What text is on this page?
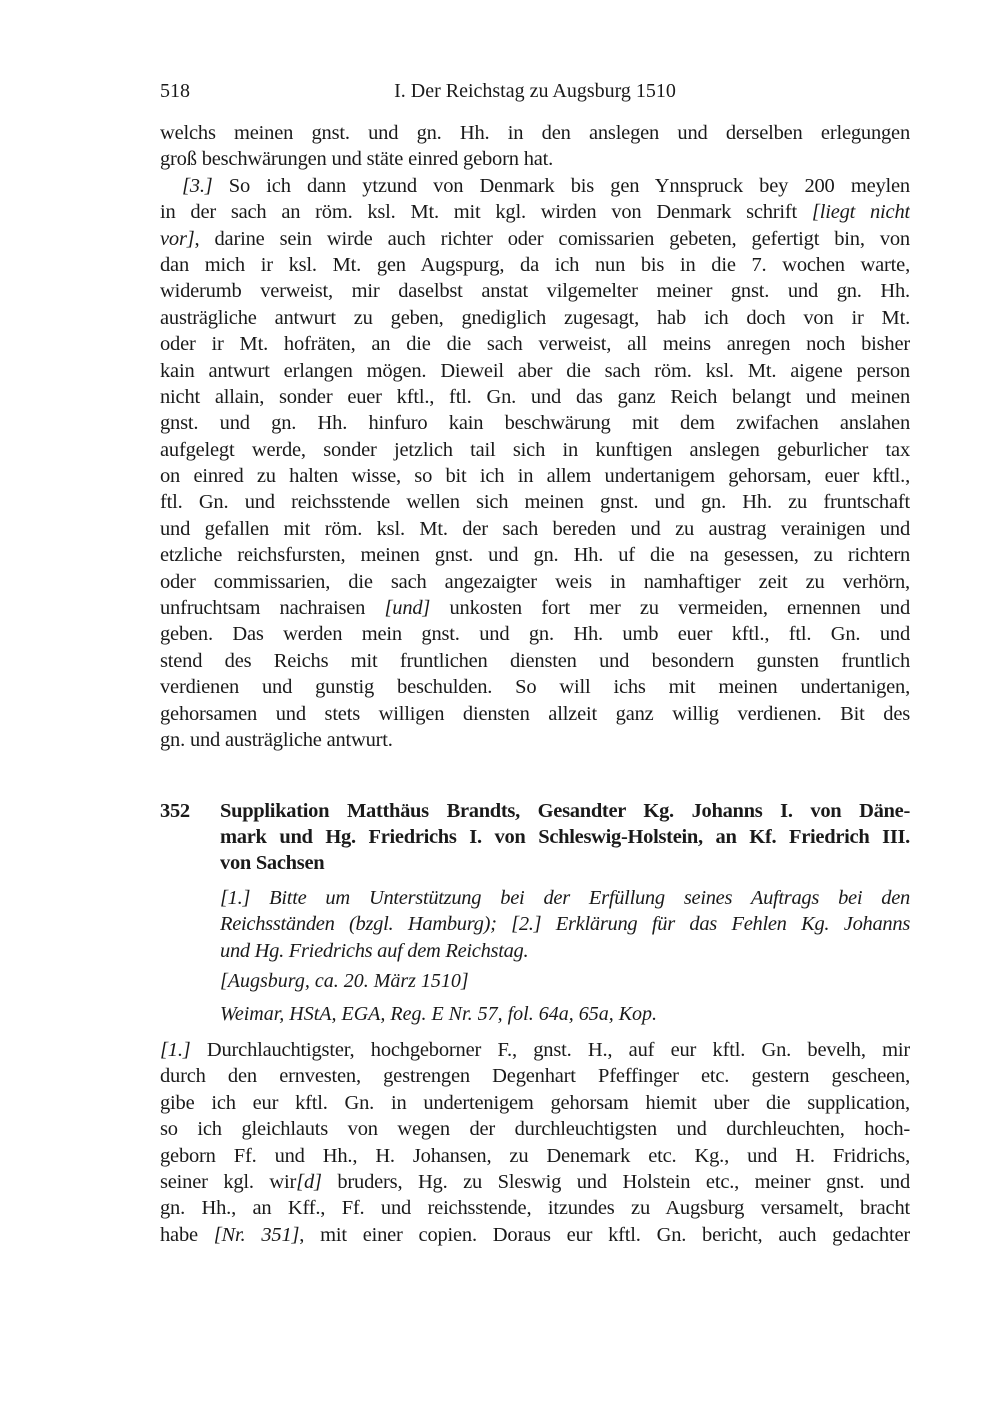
518	I. Der Reichstag zu Augsburg 1510
welchs meinen gnst. und gn. Hh. in den anslegen und derselben erlegungen
groß beschwärungen und stäte einred geborn hat.
[3.] So ich dann ytzund von Denmark bis gen Ynnspruck bey 200 meylen
in der sach an röm. ksl. Mt. mit kgl. wirden von Denmark schrift [liegt nicht
vor], darine sein wirde auch richter oder comissarien gebeten, gefertigt bin, von
dan mich ir ksl. Mt. gen Augspurg, da ich nun bis in die 7. wochen warte,
widerumb verweist, mir daselbst anstat vilgemelter meiner gnst. und gn. Hh.
austrägliche antwurt zu geben, gnediglich zugesagt, hab ich doch von ir Mt.
oder ir Mt. hofräten, an die die sach verweist, all meins anregen noch bisher
kain antwurt erlangen mögen. Dieweil aber die sach röm. ksl. Mt. aigene person
nicht allain, sonder euer kftl., ftl. Gn. und das ganz Reich belangt und meinen
gnst. und gn. Hh. hinfuro kain beschwärung mit dem zwifachen anslahen
aufgelegt werde, sonder jetzlich tail sich in kunftigen anslegen geburlicher tax
on einred zu halten wisse, so bit ich in allem undertanigem gehorsam, euer kftl.,
ftl. Gn. und reichsstende wellen sich meinen gnst. und gn. Hh. zu fruntschaft
und gefallen mit röm. ksl. Mt. der sach bereden und zu austrag verainigen und
etzliche reichsfursten, meinen gnst. und gn. Hh. uf die na gesessen, zu richtern
oder commissarien, die sach angezaigter weis in namhaftiger zeit zu verhörn,
unfruchtsam nachraisen [und] unkosten fort mer zu vermeiden, ernennen und
geben. Das werden mein gnst. und gn. Hh. umb euer kftl., ftl. Gn. und
stend des Reichs mit fruntlichen diensten und besondern gunsten fruntlich
verdienen und gunstig beschulden. So will ichs mit meinen undertanigen,
gehorsamen und stets willigen diensten allzeit ganz willig verdienen. Bit des
gn. und austrägliche antwurt.
352 Supplikation Matthäus Brandts, Gesandter Kg. Johanns I. von Däne-
mark und Hg. Friedrichs I. von Schleswig-Holstein, an Kf. Friedrich III.
von Sachsen
[1.] Bitte um Unterstützung bei der Erfüllung seines Auftrags bei den
Reichsständen (bzgl. Hamburg); [2.] Erklärung für das Fehlen Kg. Johanns
und Hg. Friedrichs auf dem Reichstag.
[Augsburg, ca. 20. März 1510]
Weimar, HStA, EGA, Reg. E Nr. 57, fol. 64a, 65a, Kop.
[1.] Durchlauchtigster, hochgeborner F., gnst. H., auf eur kftl. Gn. bevelh, mir
durch den ernvesten, gestrengen Degenhart Pfeffinger etc. gestern gescheen,
gibe ich eur kftl. Gn. in undertenigem gehorsam hiemit uber die supplication,
so ich gleichlauts von wegen der durchleuchtigsten und durchleuchten, hoch-
geborn Ff. und Hh., H. Johansen, zu Denemark etc. Kg., und H. Fridrichs,
seiner kgl. wir[d] bruders, Hg. zu Sleswig und Holstein etc., meiner gnst. und
gn. Hh., an Kff., Ff. und reichsstende, itzundes zu Augsburg versamelt, bracht
habe [Nr. 351], mit einer copien. Doraus eur kftl. Gn. bericht, auch gedachter
